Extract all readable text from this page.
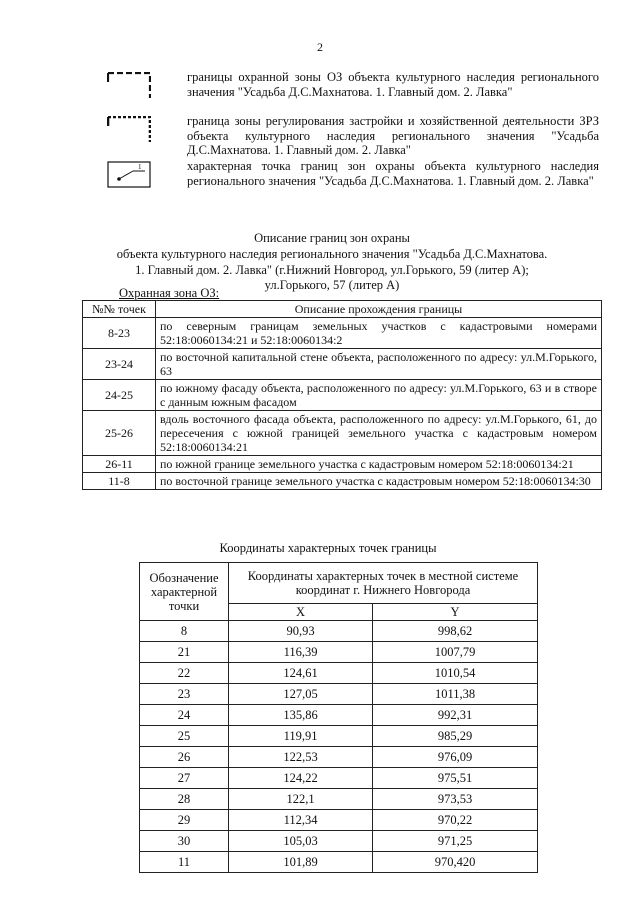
2
границы охранной зоны ОЗ объекта культурного наследия регионального значения "Усадьба Д.С.Махнатова. 1. Главный дом. 2. Лавка"
граница зоны регулирования застройки и хозяйственной деятельности ЗРЗ объекта культурного наследия регионального значения "Усадьба Д.С.Махнатова. 1. Главный дом. 2. Лавка"
1	характерная точка границ зон охраны объекта культурного наследия регионального значения "Усадьба Д.С.Махнатова. 1. Главный дом. 2. Лавка"
Описание границ зон охраны
объекта культурного наследия регионального значения "Усадьба Д.С.Махнатова.
1. Главный дом. 2. Лавка" (г.Нижний Новгород, ул.Горького, 59 (литер А);
ул.Горького, 57 (литер А)
Охранная зона ОЗ:
№№ точек	Описание прохождения границы
8-23	по северным границам земельных участков с кадастровыми номерами 52:18:0060134:21 и 52:18:0060134:2
23-24	по восточной капитальной стене объекта, расположенного по адресу: ул.М.Горького, 63
24-25	по южному фасаду объекта, расположенного по адресу: ул.М.Горького, 63 и в створе с данным южным фасадом
25-26	вдоль восточного фасада объекта, расположенного по адресу: ул.М.Горького, 61, до пересечения с южной границей земельного участка с кадастровым номером 52:18:0060134:21
26-11	по южной границе земельного участка с кадастровым номером 52:18:0060134:21
11-8	по восточной границе земельного участка с кадастровым номером 52:18:0060134:30
Координаты характерных точек границы
Обозначение характерной точки	Координаты характерных точек в местной системе координат г. Нижнего Новгорода	
	X	Y
8	90,93	998,62
21	116,39	1007,79
22	124,61	1010,54
23	127,05	1011,38
24	135,86	992,31
25	119,91	985,29
26	122,53	976,09
27	124,22	975,51
28	122,1	973,53
29	112,34	970,22
30	105,03	971,25
11	101,89	970,420
